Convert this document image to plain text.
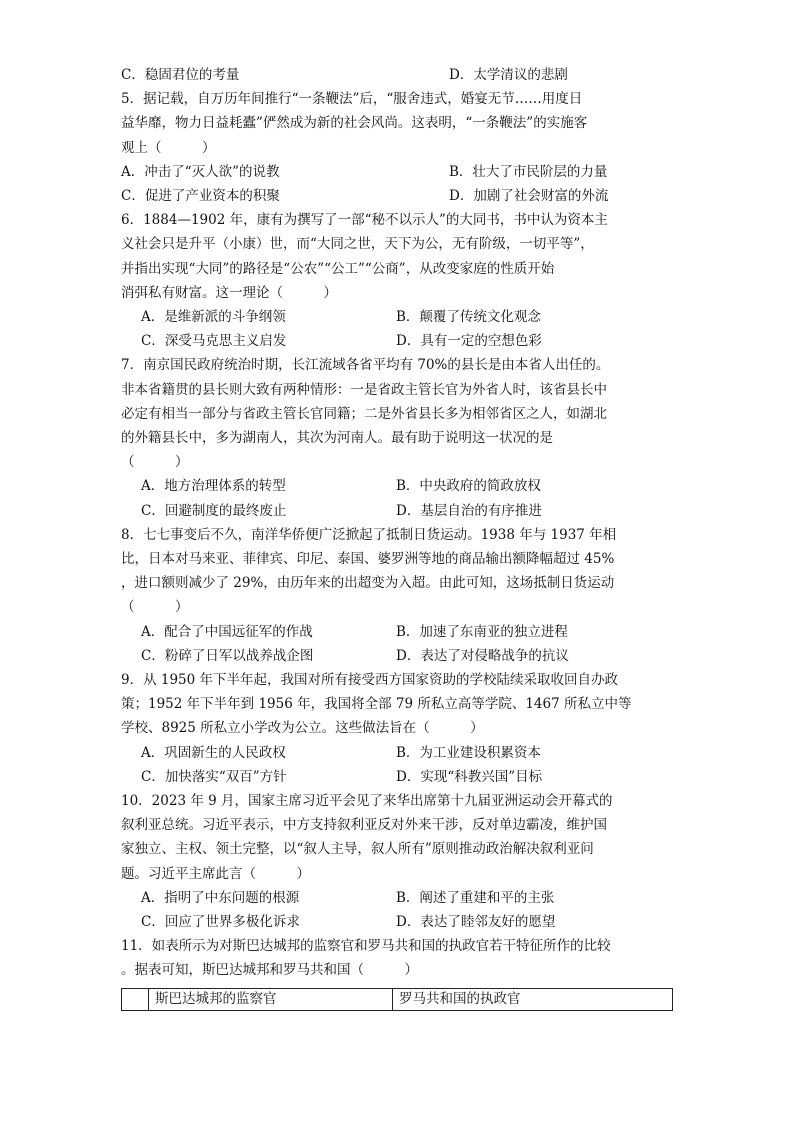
C．稳固君位的考量	D．太学清议的悲剧
5．据记载，自万历年间推行“一条鞭法”后，“服舍违式，婚宴无节……用度日
益华靡，物力日益耗蠹”俨然成为新的社会风尚。这表明，“一条鞭法”的实施客
观上（　　　）
A．冲击了“灭人欲”的说教	B．壮大了市民阶层的力量
C．促进了产业资本的积聚	D．加剧了社会财富的外流
6．1884—1902 年，康有为撰写了一部“秘不以示人”的大同书，书中认为资本主
义社会只是升平（小康）世，而“大同之世，天下为公，无有阶级，一切平等”，
并指出实现“大同”的路径是“公农”“公工”“公商”，从改变家庭的性质开始
消弭私有财富。这一理论（　　　）
A．是维新派的斗争纲领	B．颠覆了传统文化观念
C．深受马克思主义启发	D．具有一定的空想色彩
7．南京国民政府统治时期，长江流域各省平均有 70%的县长是由本省人出任的。
非本省籍贯的县长则大致有两种情形：一是省政主管长官为外省人时，该省县长中
必定有相当一部分与省政主管长官同籍；二是外省县长多为相邻省区之人，如湖北
的外籍县长中，多为湖南人，其次为河南人。最有助于说明这一状况的是
（　　　）
A．地方治理体系的转型	B．中央政府的简政放权
C．回避制度的最终废止	D．基层自治的有序推进
8．七七事变后不久，南洋华侨便广泛掀起了抵制日货运动。1938 年与 1937 年相
比，日本对马来亚、菲律宾、印尼、泰国、婆罗洲等地的商品输出额降幅超过 45%
，进口额则减少了 29%，由历年来的出超变为入超。由此可知，这场抵制日货运动
（　　　）
A．配合了中国远征军的作战	B．加速了东南亚的独立进程
C．粉碎了日军以战养战企图	D．表达了对侵略战争的抗议
9．从 1950 年下半年起，我国对所有接受西方国家资助的学校陆续采取收回自办政
策；1952 年下半年到 1956 年，我国将全部 79 所私立高等学院、1467 所私立中等
学校、8925 所私立小学改为公立。这些做法旨在（　　　）
A．巩固新生的人民政权	B．为工业建设积累资本
C．加快落实“双百”方针	D．实现“科教兴国”目标
10．2023 年 9 月，国家主席习近平会见了来华出席第十九届亚洲运动会开幕式的
叙利亚总统。习近平表示，中方支持叙利亚反对外来干涉，反对单边霸凌，维护国
家独立、主权、领土完整，以“叙人主导，叙人所有”原则推动政治解决叙利亚问
题。习近平主席此言（　　　）
A．指明了中东问题的根源	B．阐述了重建和平的主张
C．回应了世界多极化诉求	D．表达了睦邻友好的愿望
11．如表所示为对斯巴达城邦的监察官和罗马共和国的执政官若干特征所作的比较
。据表可知，斯巴达城邦和罗马共和国（　　　）
斯巴达城邦的监察官	罗马共和国的执政官
